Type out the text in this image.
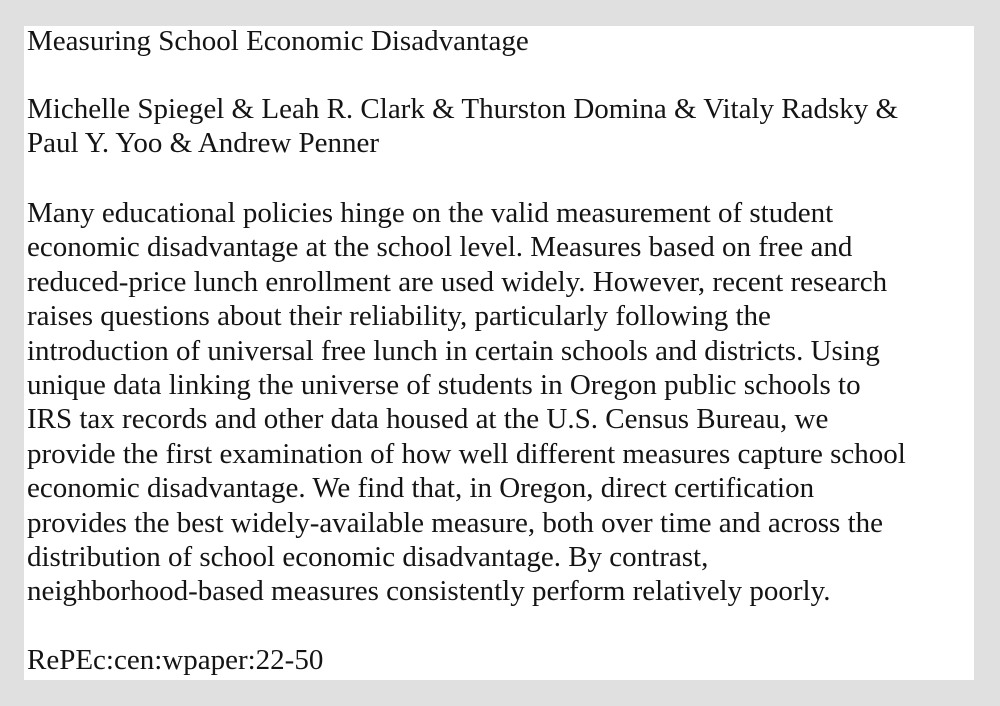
Measuring School Economic Disadvantage

Michelle Spiegel & Leah R. Clark & Thurston Domina & Vitaly Radsky &
Paul Y. Yoo & Andrew Penner

Many educational policies hinge on the valid measurement of student
economic disadvantage at the school level. Measures based on free and
reduced-price lunch enrollment are used widely. However, recent research
raises questions about their reliability, particularly following the
introduction of universal free lunch in certain schools and districts. Using
unique data linking the universe of students in Oregon public schools to
IRS tax records and other data housed at the U.S. Census Bureau, we
provide the first examination of how well different measures capture school
economic disadvantage. We find that, in Oregon, direct certification
provides the best widely-available measure, both over time and across the
distribution of school economic disadvantage. By contrast,
neighborhood-based measures consistently perform relatively poorly.

RePEc:cen:wpaper:22-50
